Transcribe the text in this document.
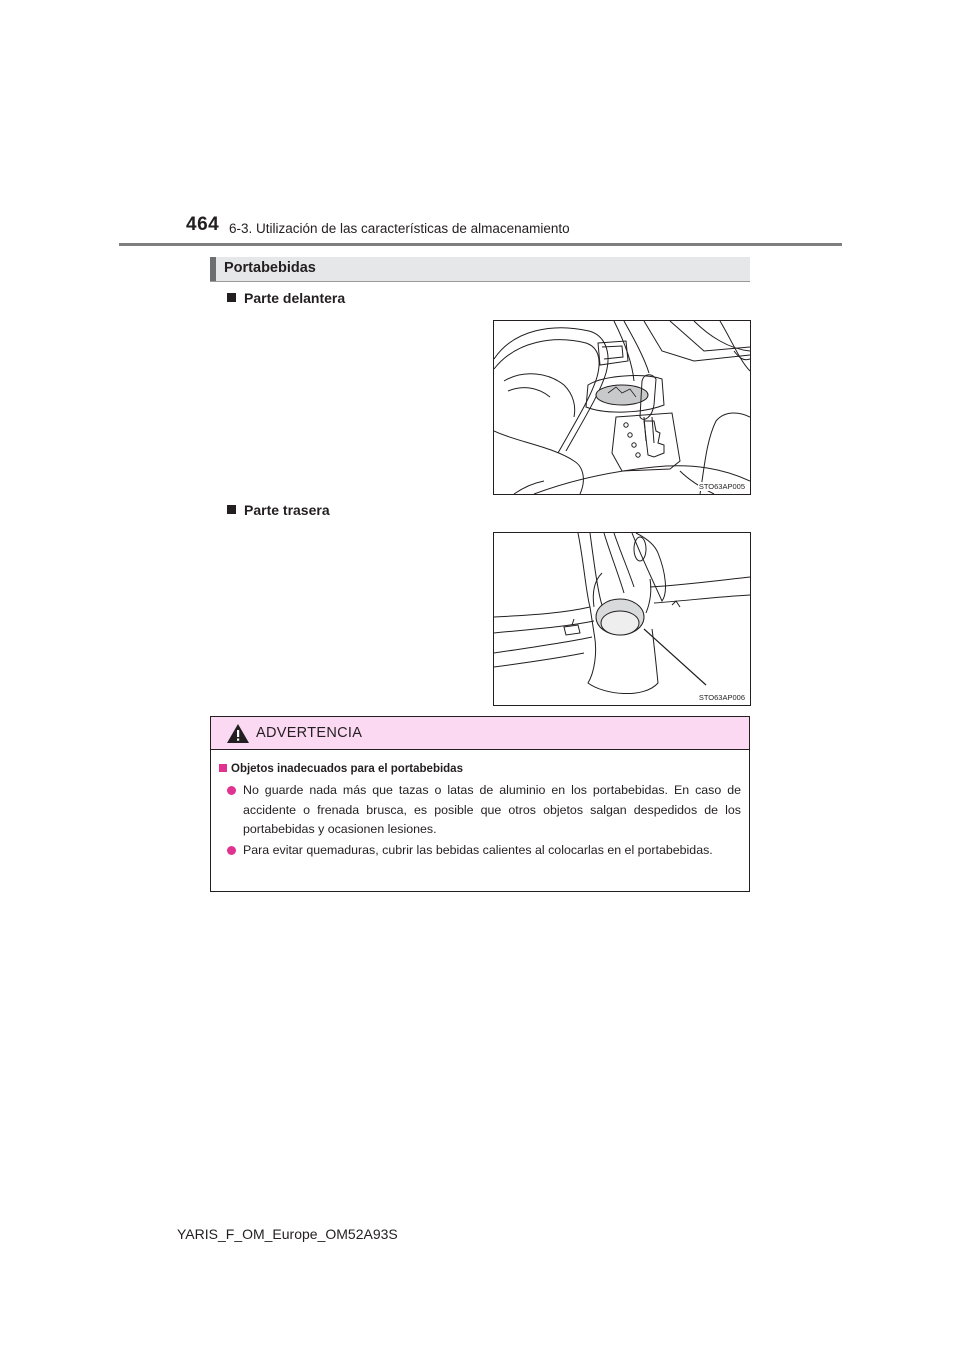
464 6-3. Utilización de las características de almacenamiento
Portabebidas
Parte delantera
STO63AP005
Parte trasera
STO63AP006
ADVERTENCIA
Objetos inadecuados para el portabebidas
No guarde nada más que tazas o latas de aluminio en los portabebidas. En caso de accidente o frenada brusca, es posible que otros objetos salgan despedidos de los portabebidas y ocasionen lesiones.
Para evitar quemaduras, cubrir las bebidas calientes al colocarlas en el portabebidas.
YARIS_F_OM_Europe_OM52A93S
